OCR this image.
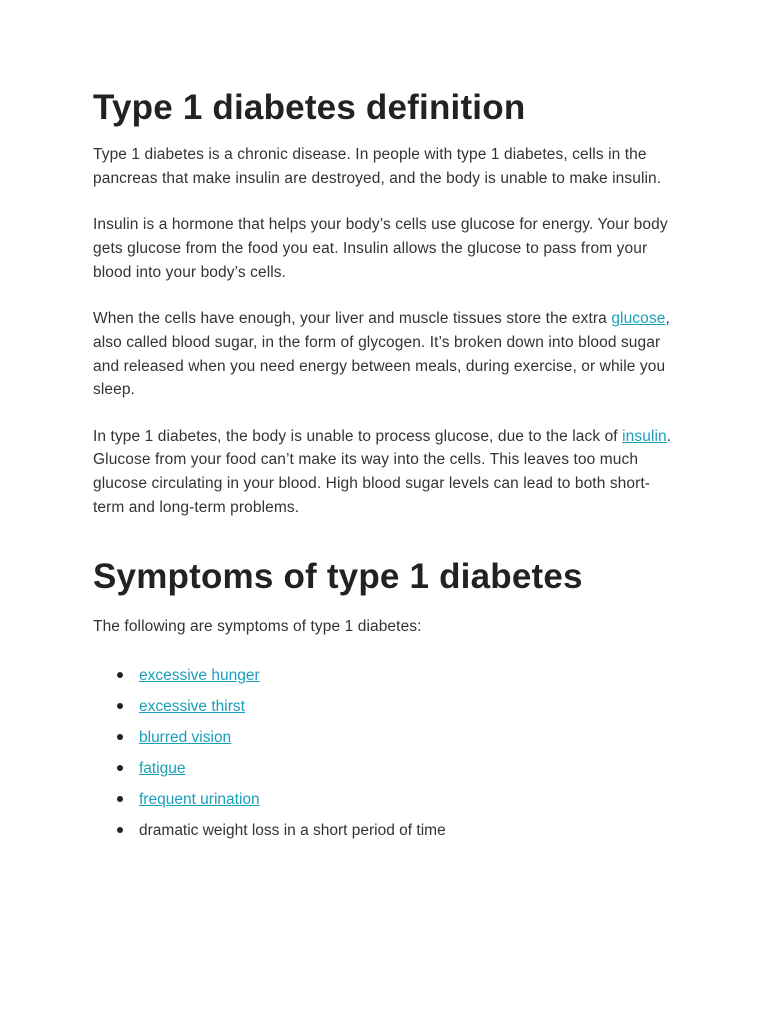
Type 1 diabetes definition

Type 1 diabetes is a chronic disease. In people with type 1 diabetes, cells in the pancreas that make insulin are destroyed, and the body is unable to make insulin.

Insulin is a hormone that helps your body’s cells use glucose for energy. Your body gets glucose from the food you eat. Insulin allows the glucose to pass from your blood into your body’s cells.

When the cells have enough, your liver and muscle tissues store the extra glucose, also called blood sugar, in the form of glycogen. It’s broken down into blood sugar and released when you need energy between meals, during exercise, or while you sleep.

In type 1 diabetes, the body is unable to process glucose, due to the lack of insulin. Glucose from your food can’t make its way into the cells. This leaves too much glucose circulating in your blood. High blood sugar levels can lead to both short-term and long-term problems.

Symptoms of type 1 diabetes

The following are symptoms of type 1 diabetes:

excessive hunger
excessive thirst
blurred vision
fatigue
frequent urination
dramatic weight loss in a short period of time
